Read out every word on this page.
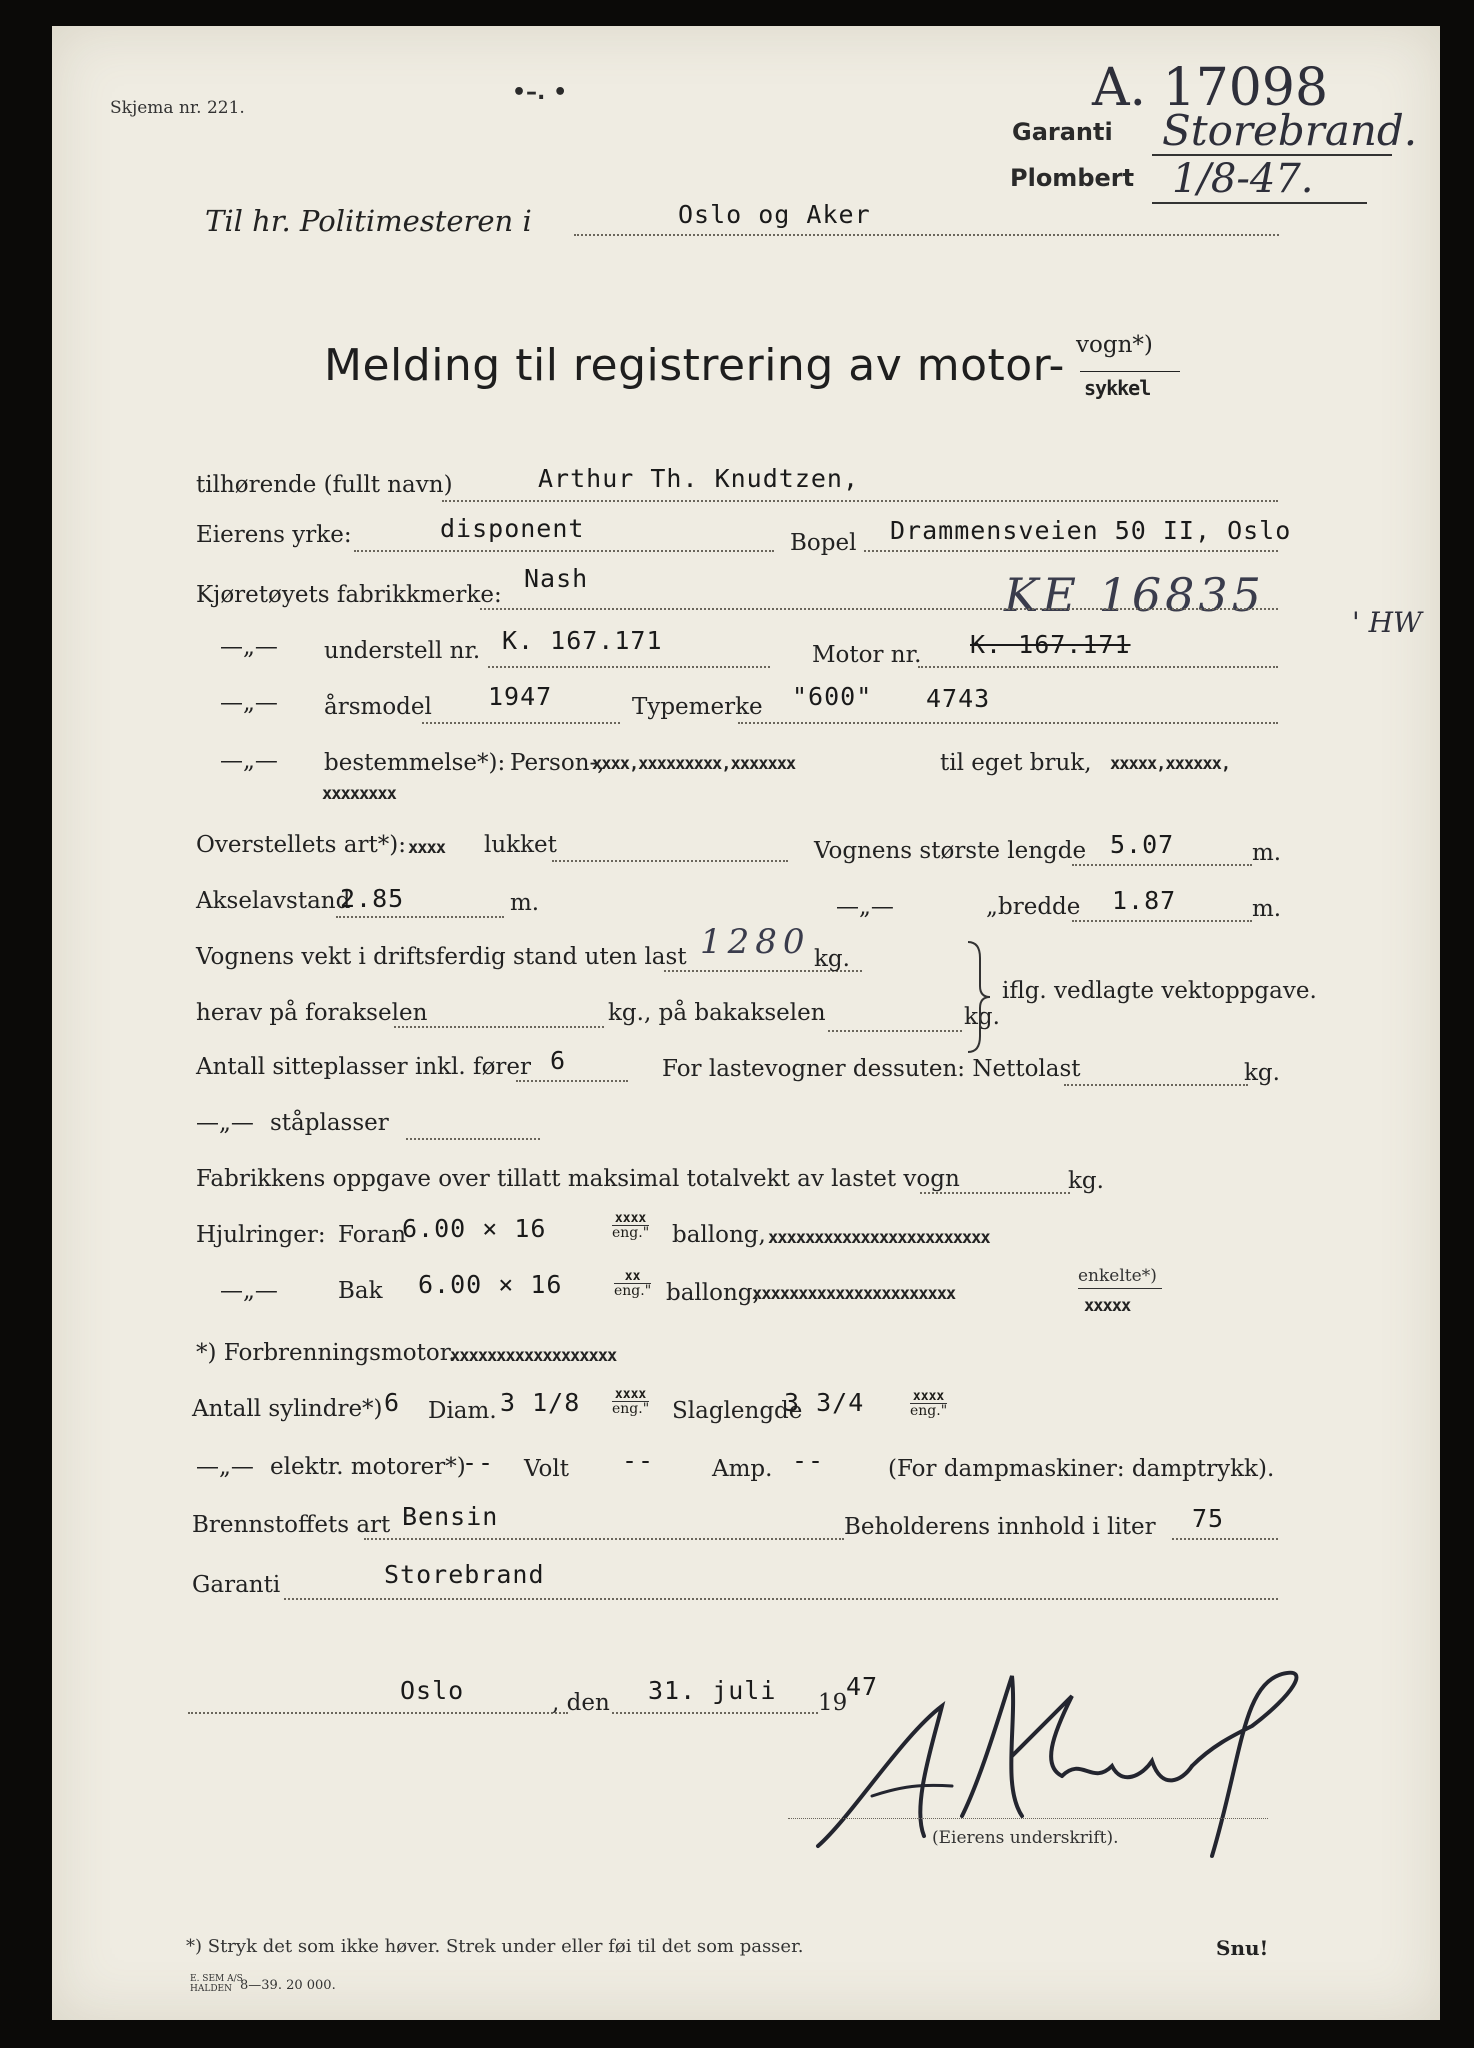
Skjema nr. 221.
•–. •	A. 17098
Garanti Storebrand.
Plombert 1/8-47.
Til hr. Politimesteren i	Oslo og Aker
Melding til registrering av motor- vogn*)
sykkel
tilhørende (fullt navn)	Arthur Th. Knudtzen,
Eierens yrke:	disponent	Bopel Drammensveien 50 II, Oslo
Kjøretøyets fabrikkmerke:
Nash	KE 16835
' HW
—„— understell nr. K. 167.171	Motor nr. K. 167.171
—„— årsmodel 1947	Typemerke "600" 4743
—„— bestemmelse*): Person-,
xxxx,xxxxxxxxx,xxxxxxx	til eget bruk, xxxxx,xxxxxx,
xxxxxxxx
Overstellets art*): xxxx lukket	Vognens største lengde 5.07	m.
Akselavstand
2.85	m.	—„—	„ bredde 1.87	m.
Vognens vekt i driftsferdig stand uten last 1280 kg.
herav på forakselen	kg., på bakakselen	kg.
iflg. vedlagte vektoppgave.
Antall sitteplasser inkl. fører 6	For lastevogner dessuten: Nettolast	kg.
—„— ståplasser
Fabrikkens oppgave over tillatt maksimal totalvekt av lastet vogn	kg.
Hjulringer: Foran
6.00 × 16	xxxx
eng." ballong, xxxxxxxxxxxxxxxxxxxxxxxx
—„—	Bak 6.00 × 16	xx
eng." ballong,
xxxxxxxxxxxxxxxxxxxxxx
enkelte*)
xxxxx
*) Forbrenningsmotor.
xxxxxxxxxxxxxxxxxx
Antall sylindre*) 6 Diam. 3 1/8	xxxx
eng." Slaglengde
3 3/4	xxxx
eng."
—„— elektr. motorer*)
-- Volt --	Amp. --	(For dampmaskiner: damptrykk).
Brennstoffets art Bensin	Beholderens innhold i liter 75
Garanti	Storebrand
Oslo	, den 31. juli 19
47
(Eierens underskrift).
*) Stryk det som ikke høver. Strek under eller føi til det som passer.	Snu!
E. SEM A/S
HALDEN 8—39. 20 000.
